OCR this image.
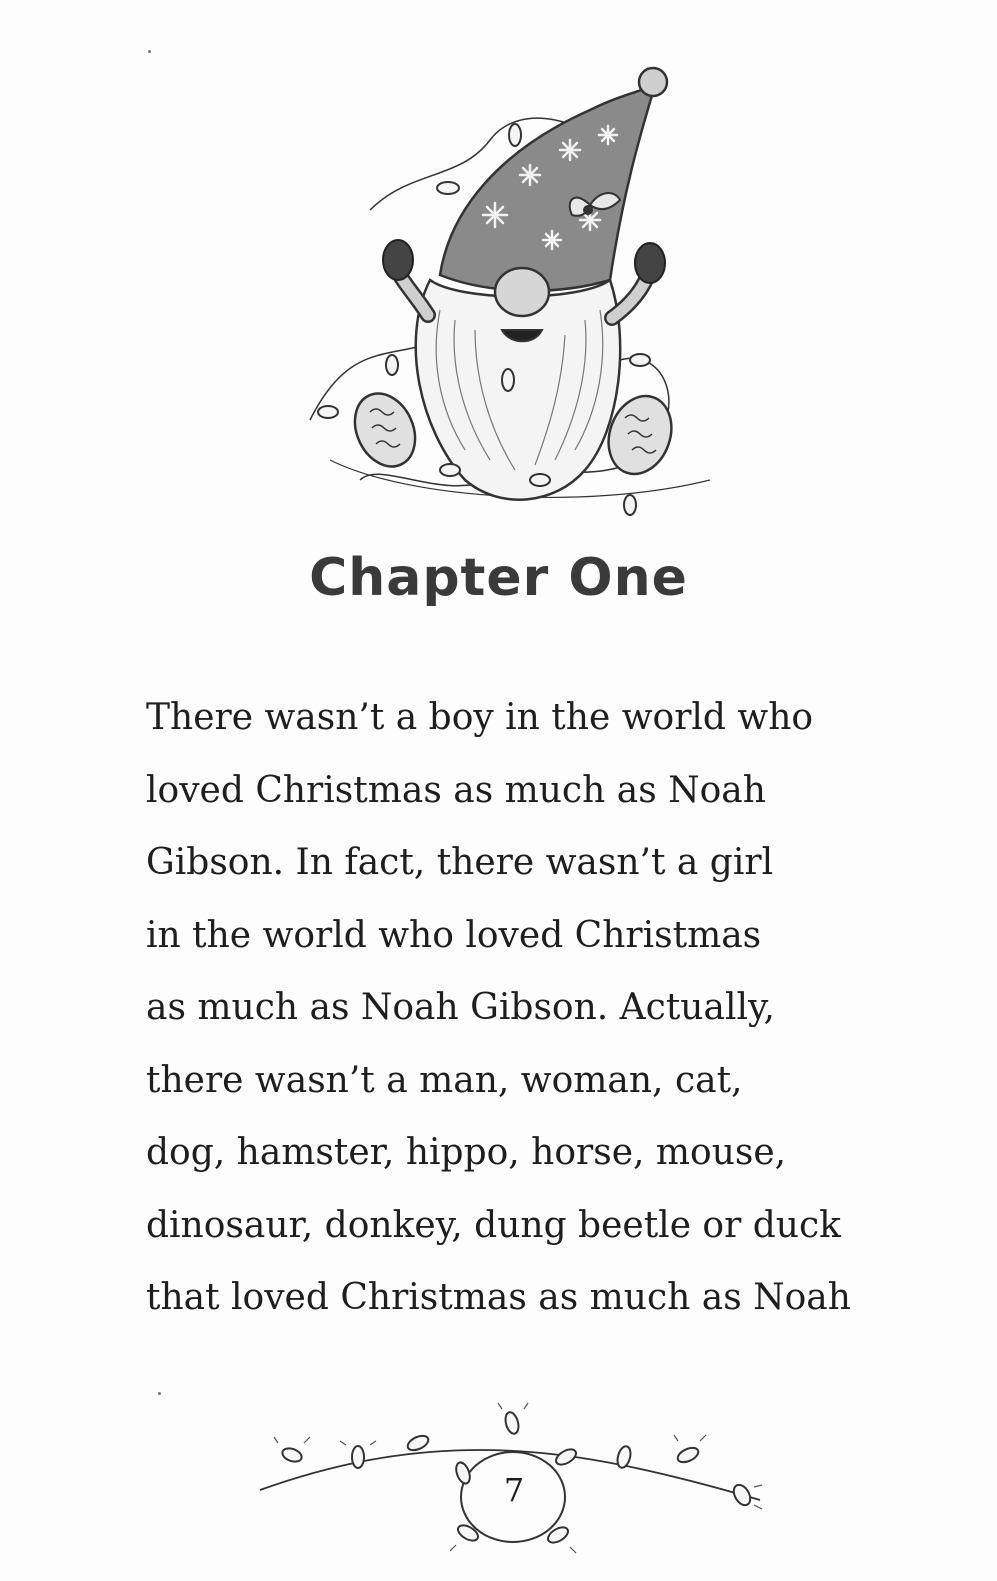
Chapter One

There wasn’t a boy in the world who
loved Christmas as much as Noah
Gibson. In fact, there wasn’t a girl
in the world who loved Christmas
as much as Noah Gibson. Actually,
there wasn’t a man, woman, cat,
dog, hamster, hippo, horse, mouse,
dinosaur, donkey, dung beetle or duck
that loved Christmas as much as Noah

7
